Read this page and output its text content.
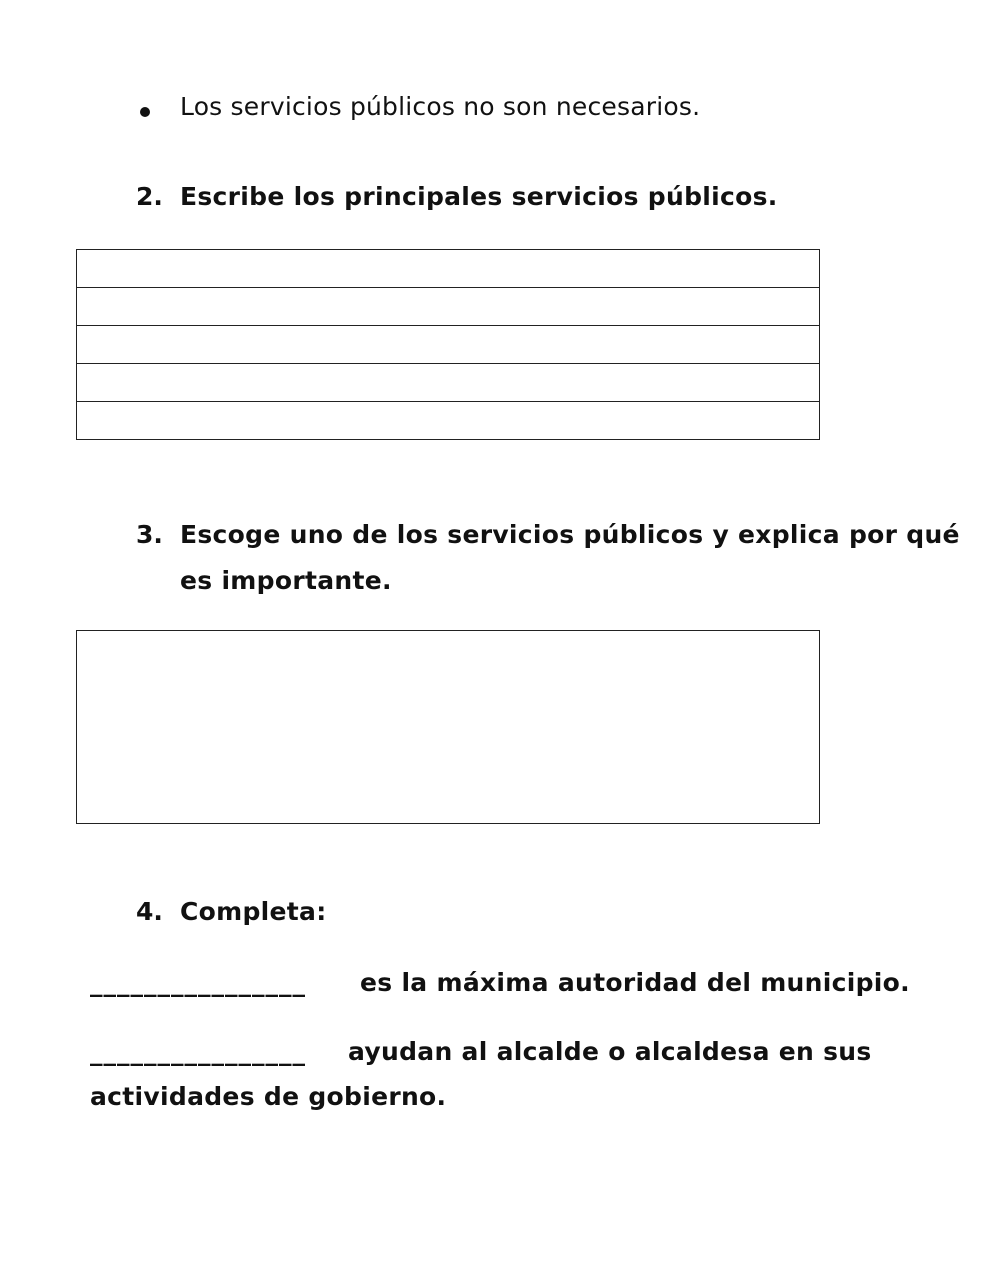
Los servicios públicos no son necesarios.
2. Escribe los principales servicios públicos.

3. Escoge uno de los servicios públicos y explica por qué
es importante.
4. Completa:
________________ es la máxima autoridad del municipio.
________________ ayudan al alcalde o alcaldesa en sus
actividades de gobierno.
